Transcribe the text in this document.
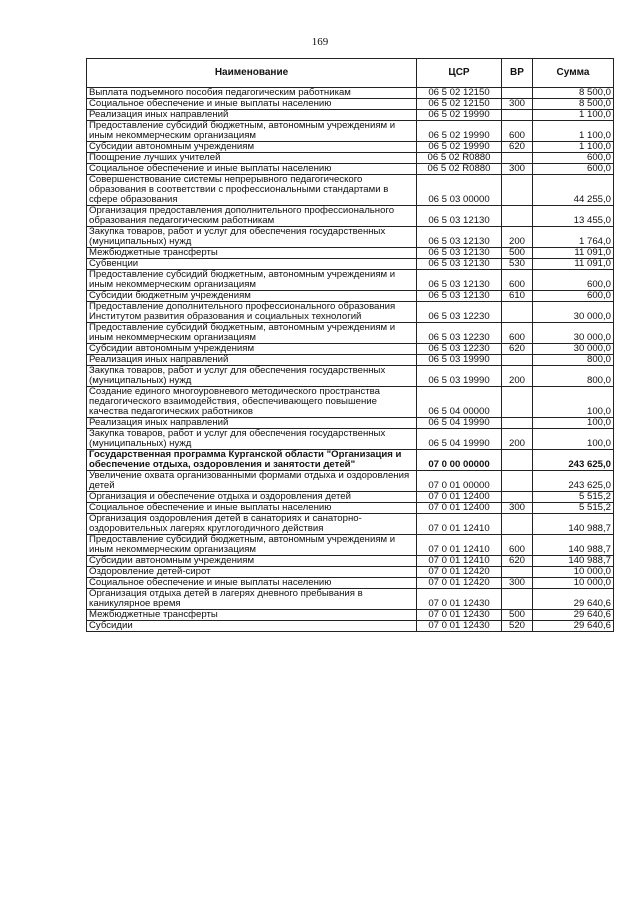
169
Наименование	ЦСР	ВР	Сумма
Выплата подъемного пособия педагогическим работникам	06 5 02 12150		8 500,0
Социальное обеспечение и иные выплаты населению	06 5 02 12150	300	8 500,0
Реализация иных направлений	06 5 02 19990		1 100,0
Предоставление субсидий бюджетным, автономным учреждениям и иным некоммерческим организациям	06 5 02 19990	600	1 100,0
Субсидии автономным учреждениям	06 5 02 19990	620	1 100,0
Поощрение лучших учителей	06 5 02 R0880		600,0
Социальное обеспечение и иные выплаты населению	06 5 02 R0880	300	600,0
Совершенствование системы непрерывного педагогического образования в соответствии с профессиональными стандартами в сфере образования	06 5 03 00000		44 255,0
Организация предоставления дополнительного профессионального образования педагогическим работникам	06 5 03 12130		13 455,0
Закупка товаров, работ и услуг для обеспечения государственных (муниципальных) нужд	06 5 03 12130	200	1 764,0
Межбюджетные трансферты	06 5 03 12130	500	11 091,0
Субвенции	06 5 03 12130	530	11 091,0
Предоставление субсидий бюджетным, автономным учреждениям и иным некоммерческим организациям	06 5 03 12130	600	600,0
Субсидии бюджетным учреждениям	06 5 03 12130	610	600,0
Предоставление дополнительного профессионального образования Институтом развития образования и социальных технологий	06 5 03 12230		30 000,0
Предоставление субсидий бюджетным, автономным учреждениям и иным некоммерческим организациям	06 5 03 12230	600	30 000,0
Субсидии автономным учреждениям	06 5 03 12230	620	30 000,0
Реализация иных направлений	06 5 03 19990		800,0
Закупка товаров, работ и услуг для обеспечения государственных (муниципальных) нужд	06 5 03 19990	200	800,0
Создание единого многоуровневого методического пространства педагогического взаимодействия, обеспечивающего повышение качества педагогических работников	06 5 04 00000		100,0
Реализация иных направлений	06 5 04 19990		100,0
Закупка товаров, работ и услуг для обеспечения государственных (муниципальных) нужд	06 5 04 19990	200	100,0
Государственная программа Курганской области "Организация и обеспечение отдыха, оздоровления и занятости детей"	07 0 00 00000		243 625,0
Увеличение охвата организованными формами отдыха и оздоровления детей	07 0 01 00000		243 625,0
Организация и обеспечение отдыха и оздоровления детей	07 0 01 12400		5 515,2
Социальное обеспечение и иные выплаты населению	07 0 01 12400	300	5 515,2
Организация оздоровления детей в санаториях и санаторно-оздоровительных лагерях круглогодичного действия	07 0 01 12410		140 988,7
Предоставление субсидий бюджетным, автономным учреждениям и иным некоммерческим организациям	07 0 01 12410	600	140 988,7
Субсидии автономным учреждениям	07 0 01 12410	620	140 988,7
Оздоровление детей-сирот	07 0 01 12420		10 000,0
Социальное обеспечение и иные выплаты населению	07 0 01 12420	300	10 000,0
Организация отдыха детей в лагерях дневного пребывания в каникулярное время	07 0 01 12430		29 640,6
Межбюджетные трансферты	07 0 01 12430	500	29 640,6
Субсидии	07 0 01 12430	520	29 640,6
